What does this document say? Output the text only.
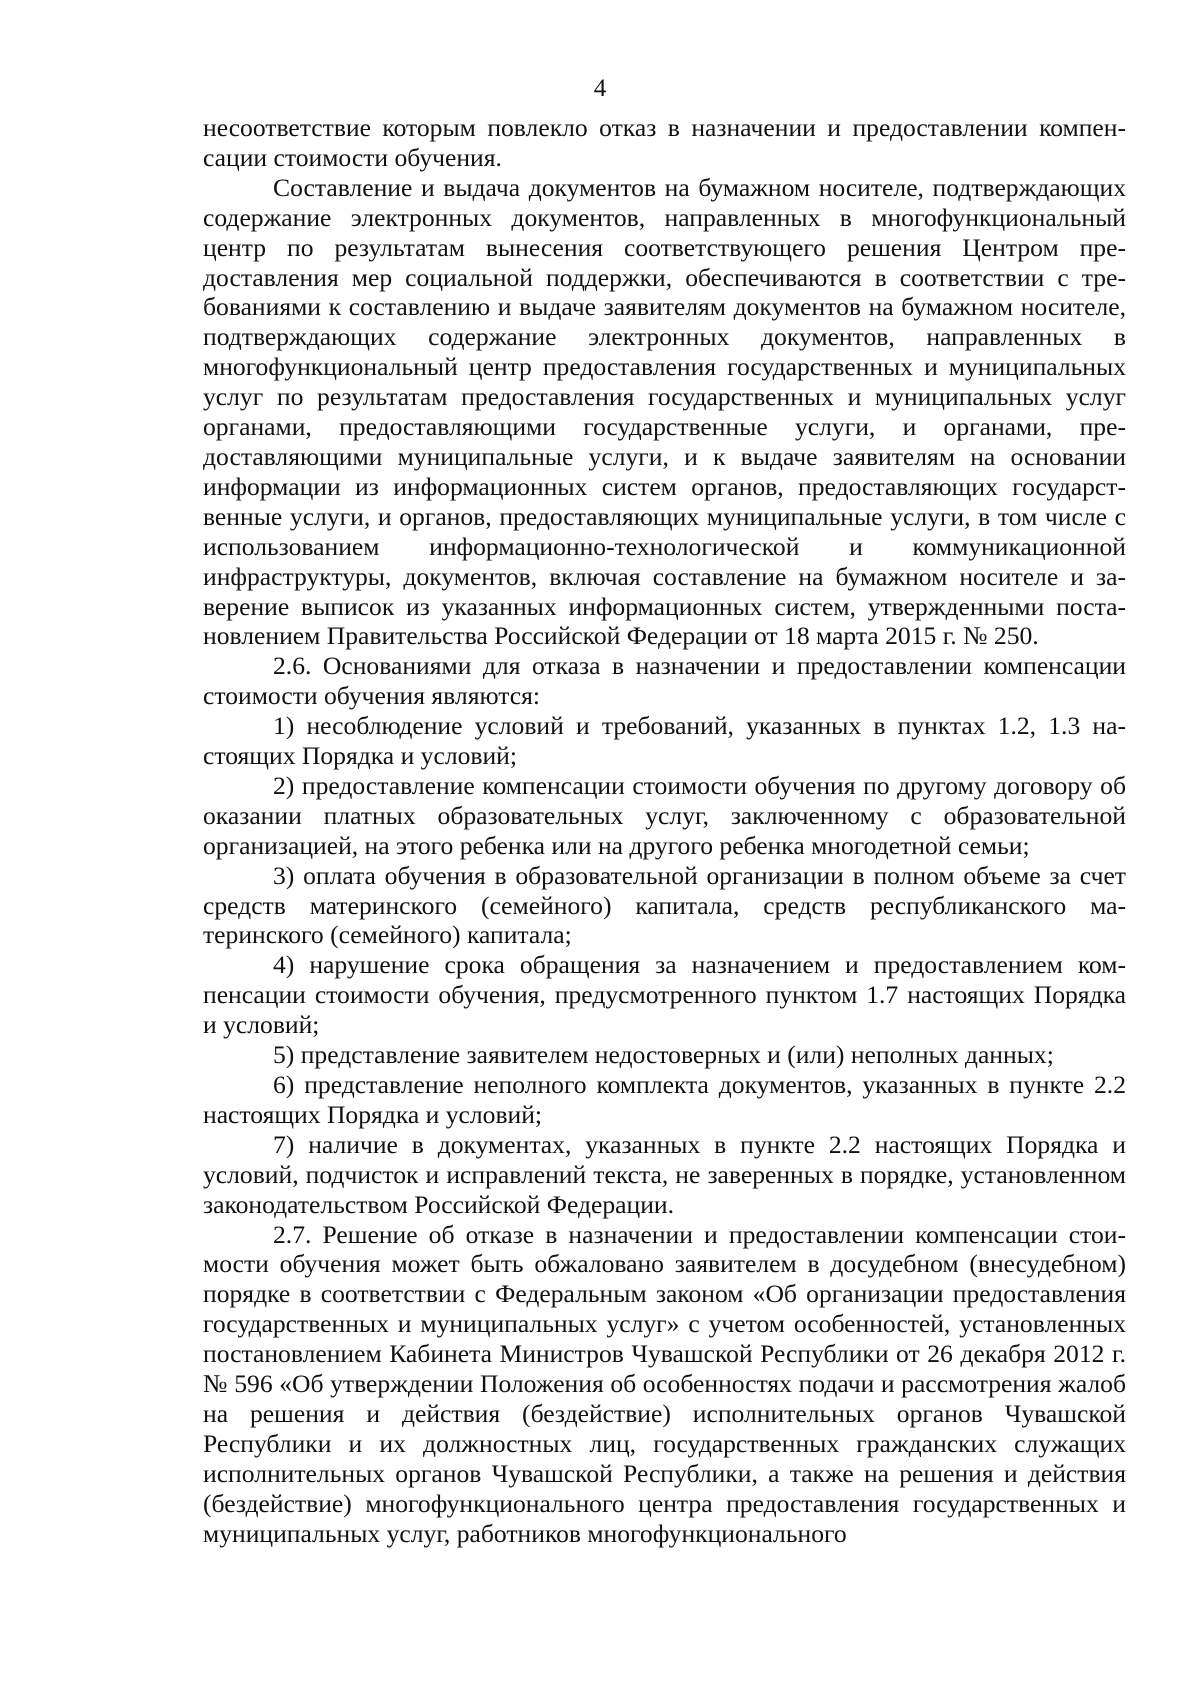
4

несоответствие которым повлекло отказ в назначении и предоставлении компенсации стоимости обучения.

Составление и выдача документов на бумажном носителе, подтверждающих содержание электронных документов, направленных в многофункциональный центр по результатам вынесения соответствующего решения Центром предоставления мер социальной поддержки, обеспечиваются в соответствии с требованиями к составлению и выдаче заявителям документов на бумажном носителе, подтверждающих содержание электронных документов, направленных в многофункциональный центр предоставления государственных и муниципальных услуг по результатам предоставления государственных и муниципальных услуг органами, предоставляющими государственные услуги, и органами, предоставляющими муниципальные услуги, и к выдаче заявителям на основании информации из информационных систем органов, предоставляющих государственные услуги, и органов, предоставляющих муниципальные услуги, в том числе с использованием информационно-технологической и коммуникационной инфраструктуры, документов, включая составление на бумажном носителе и заверение выписок из указанных информационных систем, утвержденными постановлением Правительства Российской Федерации от 18 марта 2015 г. № 250.

2.6. Основаниями для отказа в назначении и предоставлении компенсации стоимости обучения являются:

1) несоблюдение условий и требований, указанных в пунктах 1.2, 1.3 настоящих Порядка и условий;

2) предоставление компенсации стоимости обучения по другому договору об оказании платных образовательных услуг, заключенному с образовательной организацией, на этого ребенка или на другого ребенка многодетной семьи;

3) оплата обучения в образовательной организации в полном объеме за счет средств материнского (семейного) капитала, средств республиканского материнского (семейного) капитала;

4) нарушение срока обращения за назначением и предоставлением компенсации стоимости обучения, предусмотренного пунктом 1.7 настоящих Порядка и условий;

5) представление заявителем недостоверных и (или) неполных данных;

6) представление неполного комплекта документов, указанных в пункте 2.2 настоящих Порядка и условий;

7) наличие в документах, указанных в пункте 2.2 настоящих Порядка и условий, подчисток и исправлений текста, не заверенных в порядке, установленном законодательством Российской Федерации.

2.7. Решение об отказе в назначении и предоставлении компенсации стоимости обучения может быть обжаловано заявителем в досудебном (внесудебном) порядке в соответствии с Федеральным законом «Об организации предоставления государственных и муниципальных услуг» с учетом особенностей, установленных постановлением Кабинета Министров Чувашской Республики от 26 декабря 2012 г. № 596 «Об утверждении Положения об особенностях подачи и рассмотрения жалоб на решения и действия (бездействие) исполнительных органов Чувашской Республики и их должностных лиц, государственных гражданских служащих исполнительных органов Чувашской Республики, а также на решения и действия (бездействие) многофункционального центра предоставления государственных и муниципальных услуг, работников многофункционального
